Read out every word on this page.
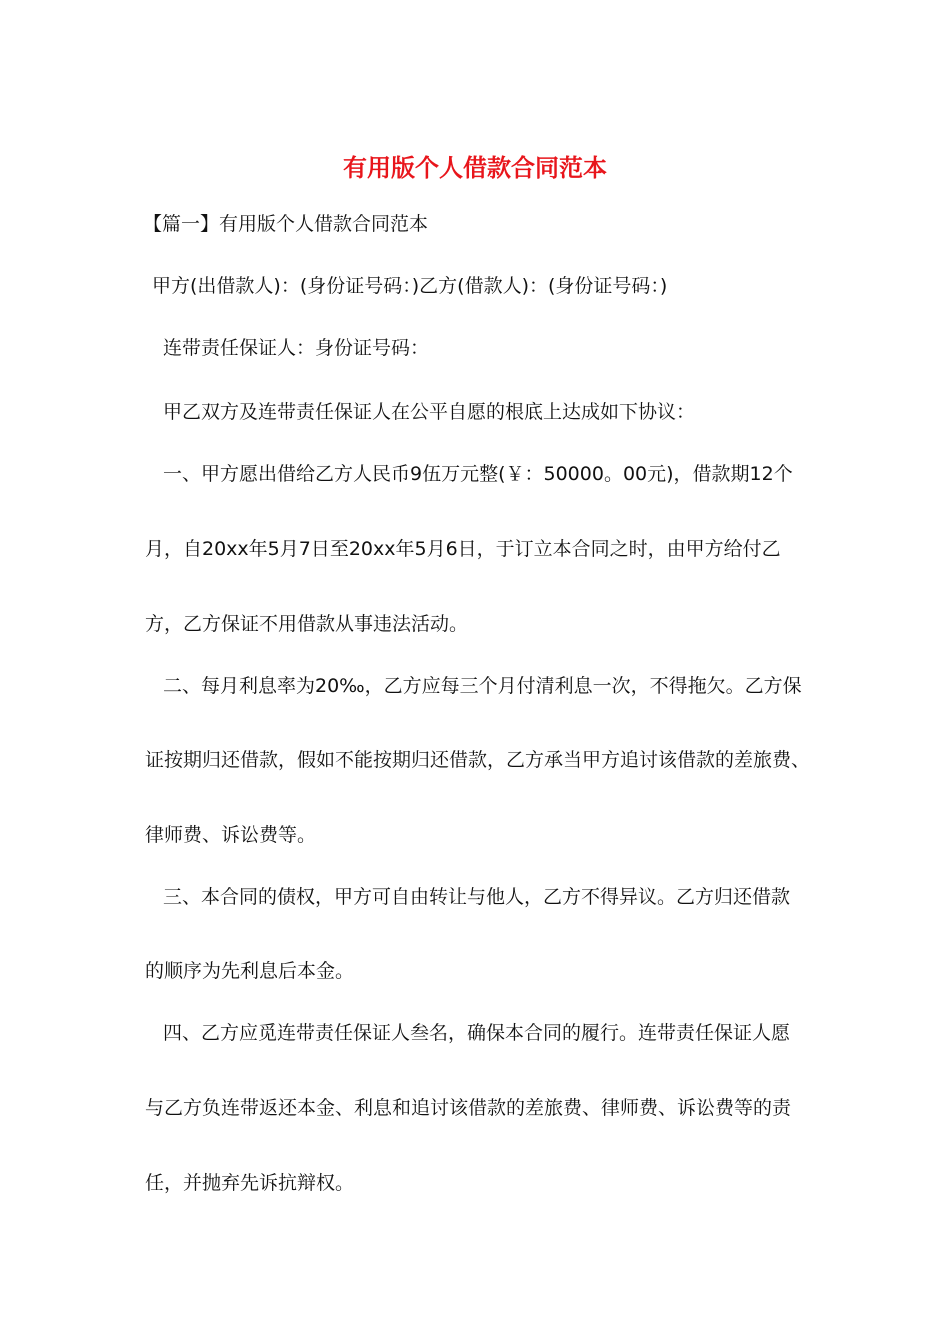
有用版个人借款合同范本

【篇一】有用版个人借款合同范本

甲方(出借款人)：(身份证号码：)乙方(借款人)：(身份证号码：)

连带责任保证人：身份证号码：

甲乙双方及连带责任保证人在公平自愿的根底上达成如下协议：

一、甲方愿出借给乙方人民币9伍万元整(￥：50000。00元)，借款期12个

月，自20xx年5月7日至20xx年5月6日，于订立本合同之时，由甲方给付乙

方，乙方保证不用借款从事违法活动。

二、每月利息率为20‰，乙方应每三个月付清利息一次，不得拖欠。乙方保

证按期归还借款，假如不能按期归还借款，乙方承当甲方追讨该借款的差旅费、

律师费、诉讼费等。

三、本合同的债权，甲方可自由转让与他人，乙方不得异议。乙方归还借款

的顺序为先利息后本金。

四、乙方应觅连带责任保证人叁名，确保本合同的履行。连带责任保证人愿

与乙方负连带返还本金、利息和追讨该借款的差旅费、律师费、诉讼费等的责

任，并抛弃先诉抗辩权。
